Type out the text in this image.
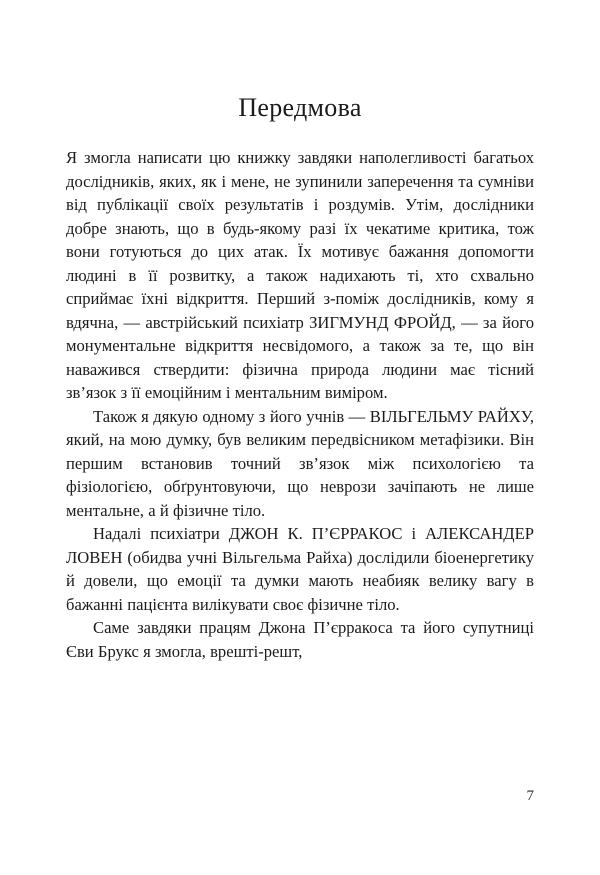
Передмова

Я змогла написати цю книжку завдяки наполегливості багатьох дослідників, яких, як і мене, не зупинили заперечення та сумніви від публікації своїх результатів і роздумів. Утім, дослідники добре знають, що в будь-якому разі їх чекатиме критика, тож вони готуються до цих атак. Їх мотивує бажання допомогти людині в її розвитку, а також надихають ті, хто схвально сприймає їхні відкриття. Перший з-поміж дослідників, кому я вдячна, — австрійський психіатр ЗИГМУНД ФРОЙД, — за його монументальне відкриття несвідомого, а також за те, що він наважився ствердити: фізична природа людини має тісний зв’язок з її емоційним і ментальним виміром.

Також я дякую одному з його учнів — ВІЛЬГЕЛЬМУ РАЙХУ, який, на мою думку, був великим передвісником метафізики. Він першим встановив точний зв’язок між психологією та фізіологією, обґрунтовуючи, що неврози зачіпають не лише ментальне, а й фізичне тіло.

Надалі психіатри ДЖОН К. П’ЄРРАКОС і АЛЕКСАНДЕР ЛОВЕН (обидва учні Вільгельма Райха) дослідили біоенергетику й довели, що емоції та думки мають неабияк велику вагу в бажанні пацієнта вилікувати своє фізичне тіло.

Саме завдяки працям Джона П’єрракоса та його супутниці Єви Брукс я змогла, врешті-решт,

7
